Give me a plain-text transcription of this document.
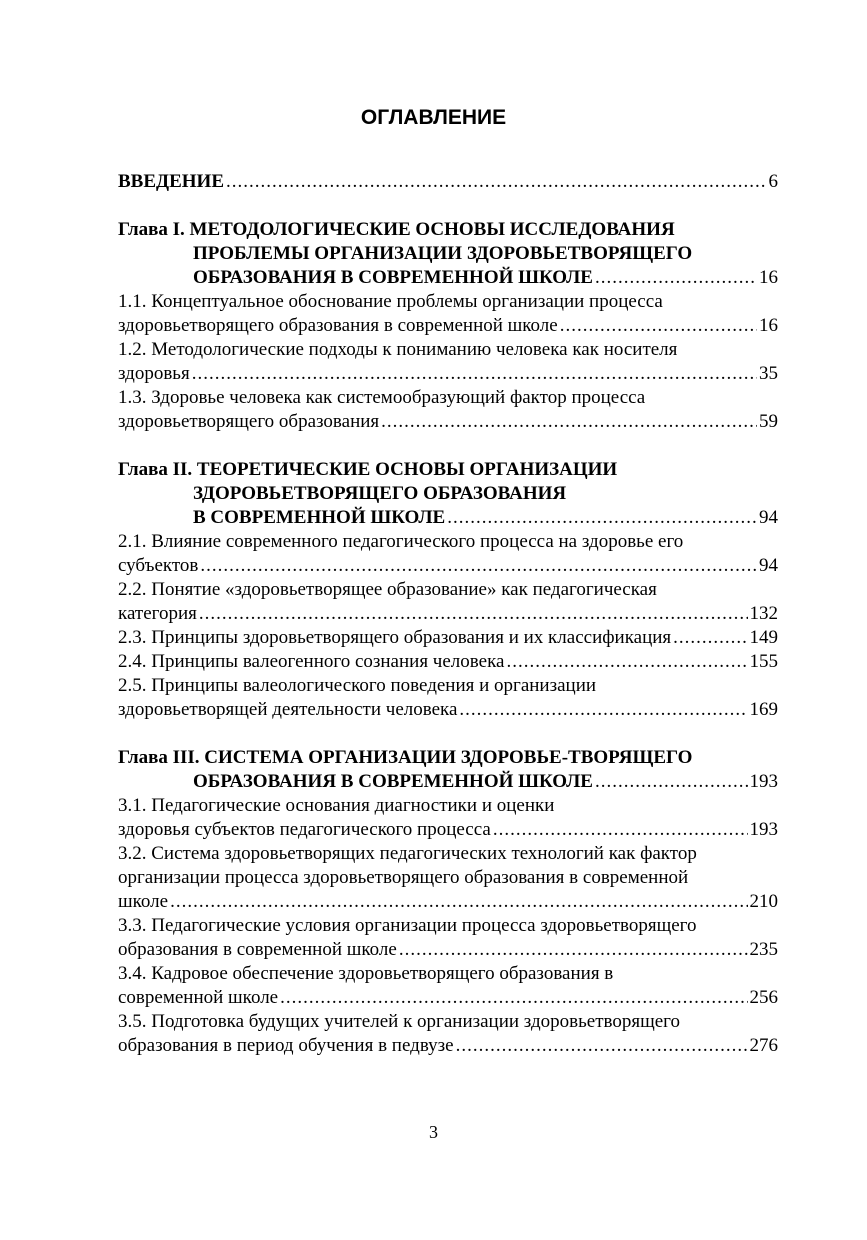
ОГЛАВЛЕНИЕ
ВВЕДЕНИЕ .....	6
Глава I. МЕТОДОЛОГИЧЕСКИЕ ОСНОВЫ ИССЛЕДОВАНИЯ
ПРОБЛЕМЫ ОРГАНИЗАЦИИ ЗДОРОВЬЕТВОРЯЩЕГО
ОБРАЗОВАНИЯ В СОВРЕМЕННОЙ ШКОЛЕ .....	16
1.1. Концептуальное обоснование проблемы организации процесса
здоровьетворящего образования в современной школе .....	16
1.2. Методологические подходы к пониманию человека как носителя
здоровья .....	35
1.3. Здоровье человека как системообразующий фактор процесса
здоровьетворящего образования .....	59
Глава II. ТЕОРЕТИЧЕСКИЕ ОСНОВЫ ОРГАНИЗАЦИИ
ЗДОРОВЬЕТВОРЯЩЕГО ОБРАЗОВАНИЯ
В СОВРЕМЕННОЙ ШКОЛЕ .....	94
2.1. Влияние современного педагогического процесса на здоровье его
субъектов .....	94
2.2. Понятие «здоровьетворящее образование» как педагогическая
категория .....	132
2.3. Принципы здоровьетворящего образования и их классификация .....	149
2.4. Принципы валеогенного сознания человека .....	155
2.5. Принципы валеологического поведения и организации
здоровьетворящей деятельности человека .....	169
Глава III. СИСТЕМА ОРГАНИЗАЦИИ ЗДОРОВЬЕ-ТВОРЯЩЕГО
ОБРАЗОВАНИЯ В СОВРЕМЕННОЙ ШКОЛЕ .....	193
3.1. Педагогические основания диагностики и оценки
здоровья субъектов педагогического процесса .....	193
3.2. Система здоровьетворящих педагогических технологий как фактор
организации процесса здоровьетворящего образования в современной
школе .....	210
3.3. Педагогические условия организации процесса здоровьетворящего
образования в современной школе .....	235
3.4. Кадровое обеспечение здоровьетворящего образования в
современной школе .....	256
3.5. Подготовка будущих учителей к организации здоровьетворящего
образования в период обучения в педвузе .....	276
3
